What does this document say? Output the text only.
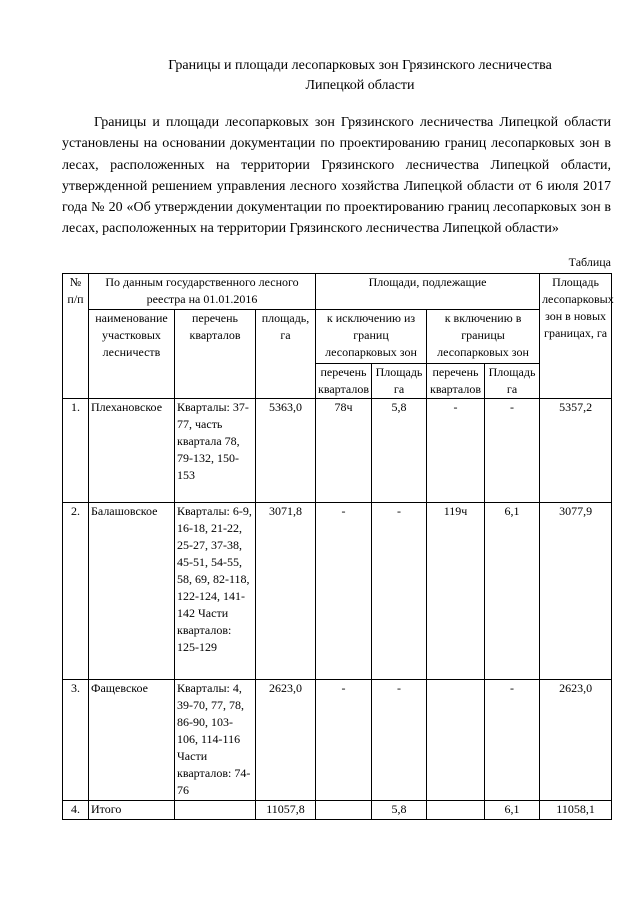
Границы и площади лесопарковых зон Грязинского лесничества
Липецкой области
Границы и площади лесопарковых зон Грязинского лесничества Липецкой области установлены на основании документации по проектированию границ лесопарковых зон в лесах, расположенных на территории Грязинского лесничества Липецкой области, утвержденной решением управления лесного хозяйства Липецкой области от 6 июля 2017 года № 20 «Об утверждении документации по проектированию границ лесопарковых зон в лесах, расположенных на территории Грязинского лесничества Липецкой области»
Таблица
№ п/п	По данным государственного лесного реестра на 01.01.2016			Площади, подлежащие				Площадь лесопарковых зон в новых границах, га
	наименование участковых лесничеств	перечень кварталов	площадь, га	к исключению из границ лесопарковых зон		к включению в границы лесопарковых зон		
				перечень кварталов	Площадь га	перечень кварталов	Площадь га	

1.	Плехановское	Кварталы: 37-77, часть квартала 78, 79-132, 150-153	5363,0	78ч	5,8	-	-	5357,2
2.	Балашовское	Кварталы: 6-9, 16-18, 21-22, 25-27, 37-38, 45-51, 54-55, 58, 69, 82-118, 122-124, 141-142 Части кварталов: 125-129	3071,8	-	-	119ч	6,1	3077,9
3.	Фащевское	Кварталы: 4, 39-70, 77, 78, 86-90, 103-106, 114-116 Части кварталов: 74-76	2623,0	-	-		-	2623,0
4.	Итого		11057,8		5,8		6,1	11058,1
